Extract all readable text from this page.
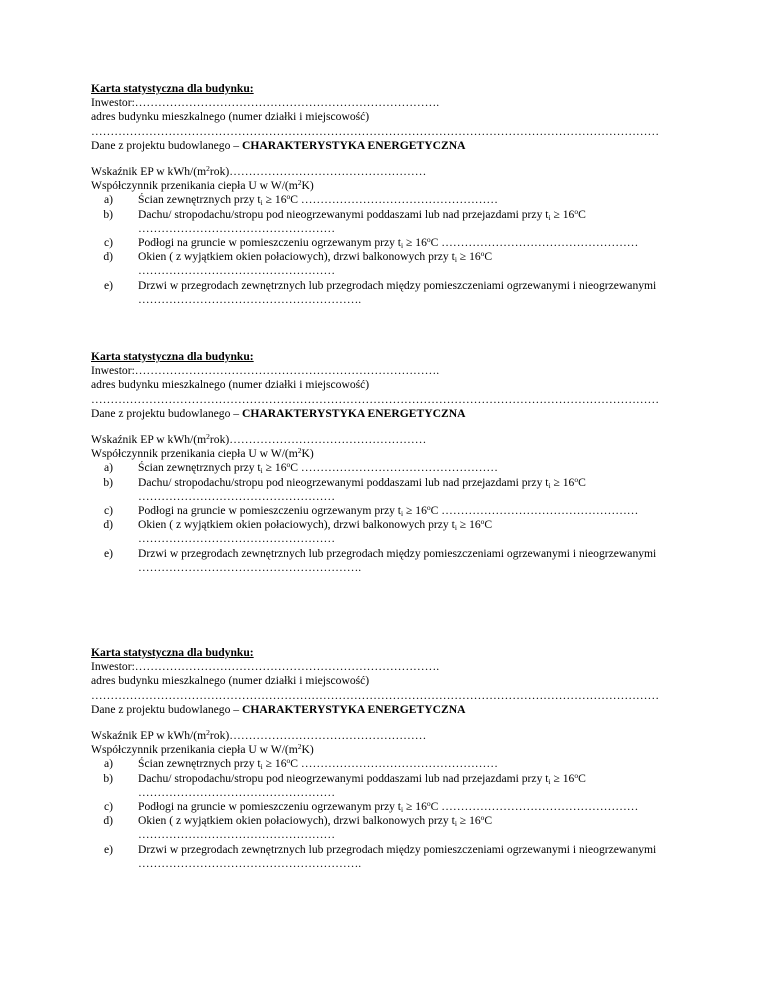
Karta statystyczna dla budynku:
Inwestor:…………………………………………………………………….
adres budynku mieszkalnego (numer działki i miejscowość)
…………………………………………………………………………………………………………………………………
Dane z projektu budowlanego – CHARAKTERYSTYKA ENERGETYCZNA
Wskaźnik EP w kWh/$(m^2rok)\dots\dots\dots\dots\dots\dots\dots\dots\dots\dots\dots\dots\dots\dots\dots\dots\dots$
Współczynnik przenikania ciepła U w $W/(m^2K)$
a) Ścian zewnętrznych przy $t_i \ge 16^oC$ ……………………………………………
b) Dachu/ stropodachu/stropu pod nieogrzewanymi poddaszami lub nad przejazdami przy $t_i \ge 16^oC$
……………………………………………
c) Podłogi na gruncie w pomieszczeniu ogrzewanym przy $t_i \ge 16^oC$ ……………………………………………
d) Okien ( z wyjątkiem okien połaciowych), drzwi balkonowych przy $t_i \ge 16^oC$
……………………………………………
e) Drzwi w przegrodach zewnętrznych lub przegrodach między pomieszczeniami ogrzewanymi i nieogrzewanymi
………………………………………………….
Karta statystyczna dla budynku:
Inwestor:…………………………………………………………………….
adres budynku mieszkalnego (numer działki i miejscowość)
…………………………………………………………………………………………………………………………………
Dane z projektu budowlanego – CHARAKTERYSTYKA ENERGETYCZNA
Wskaźnik EP w kWh/$(m^2rok)\dots\dots\dots\dots\dots\dots\dots\dots\dots\dots\dots\dots\dots\dots\dots\dots\dots$
Współczynnik przenikania ciepła U w $W/(m^2K)$
a) Ścian zewnętrznych przy $t_i \ge 16^oC$ ……………………………………………
b) Dachu/ stropodachu/stropu pod nieogrzewanymi poddaszami lub nad przejazdami przy $t_i \ge 16^oC$
……………………………………………
c) Podłogi na gruncie w pomieszczeniu ogrzewanym przy $t_i \ge 16^oC$ ……………………………………………
d) Okien ( z wyjątkiem okien połaciowych), drzwi balkonowych przy $t_i \ge 16^oC$
……………………………………………
e) Drzwi w przegrodach zewnętrznych lub przegrodach między pomieszczeniami ogrzewanymi i nieogrzewanymi
………………………………………………….
Karta statystyczna dla budynku:
Inwestor:…………………………………………………………………….
adres budynku mieszkalnego (numer działki i miejscowość)
…………………………………………………………………………………………………………………………………
Dane z projektu budowlanego – CHARAKTERYSTYKA ENERGETYCZNA
Wskaźnik EP w kWh/$(m^2rok)\dots\dots\dots\dots\dots\dots\dots\dots\dots\dots\dots\dots\dots\dots\dots\dots\dots$
Współczynnik przenikania ciepła U w $W/(m^2K)$
a) Ścian zewnętrznych przy $t_i \ge 16^oC$ ……………………………………………
b) Dachu/ stropodachu/stropu pod nieogrzewanymi poddaszami lub nad przejazdami przy $t_i \ge 16^oC$
……………………………………………
c) Podłogi na gruncie w pomieszczeniu ogrzewanym przy $t_i \ge 16^oC$ ……………………………………………
d) Okien ( z wyjątkiem okien połaciowych), drzwi balkonowych przy $t_i \ge 16^oC$
……………………………………………
e) Drzwi w przegrodach zewnętrznych lub przegrodach między pomieszczeniami ogrzewanymi i nieogrzewanymi
………………………………………………….
